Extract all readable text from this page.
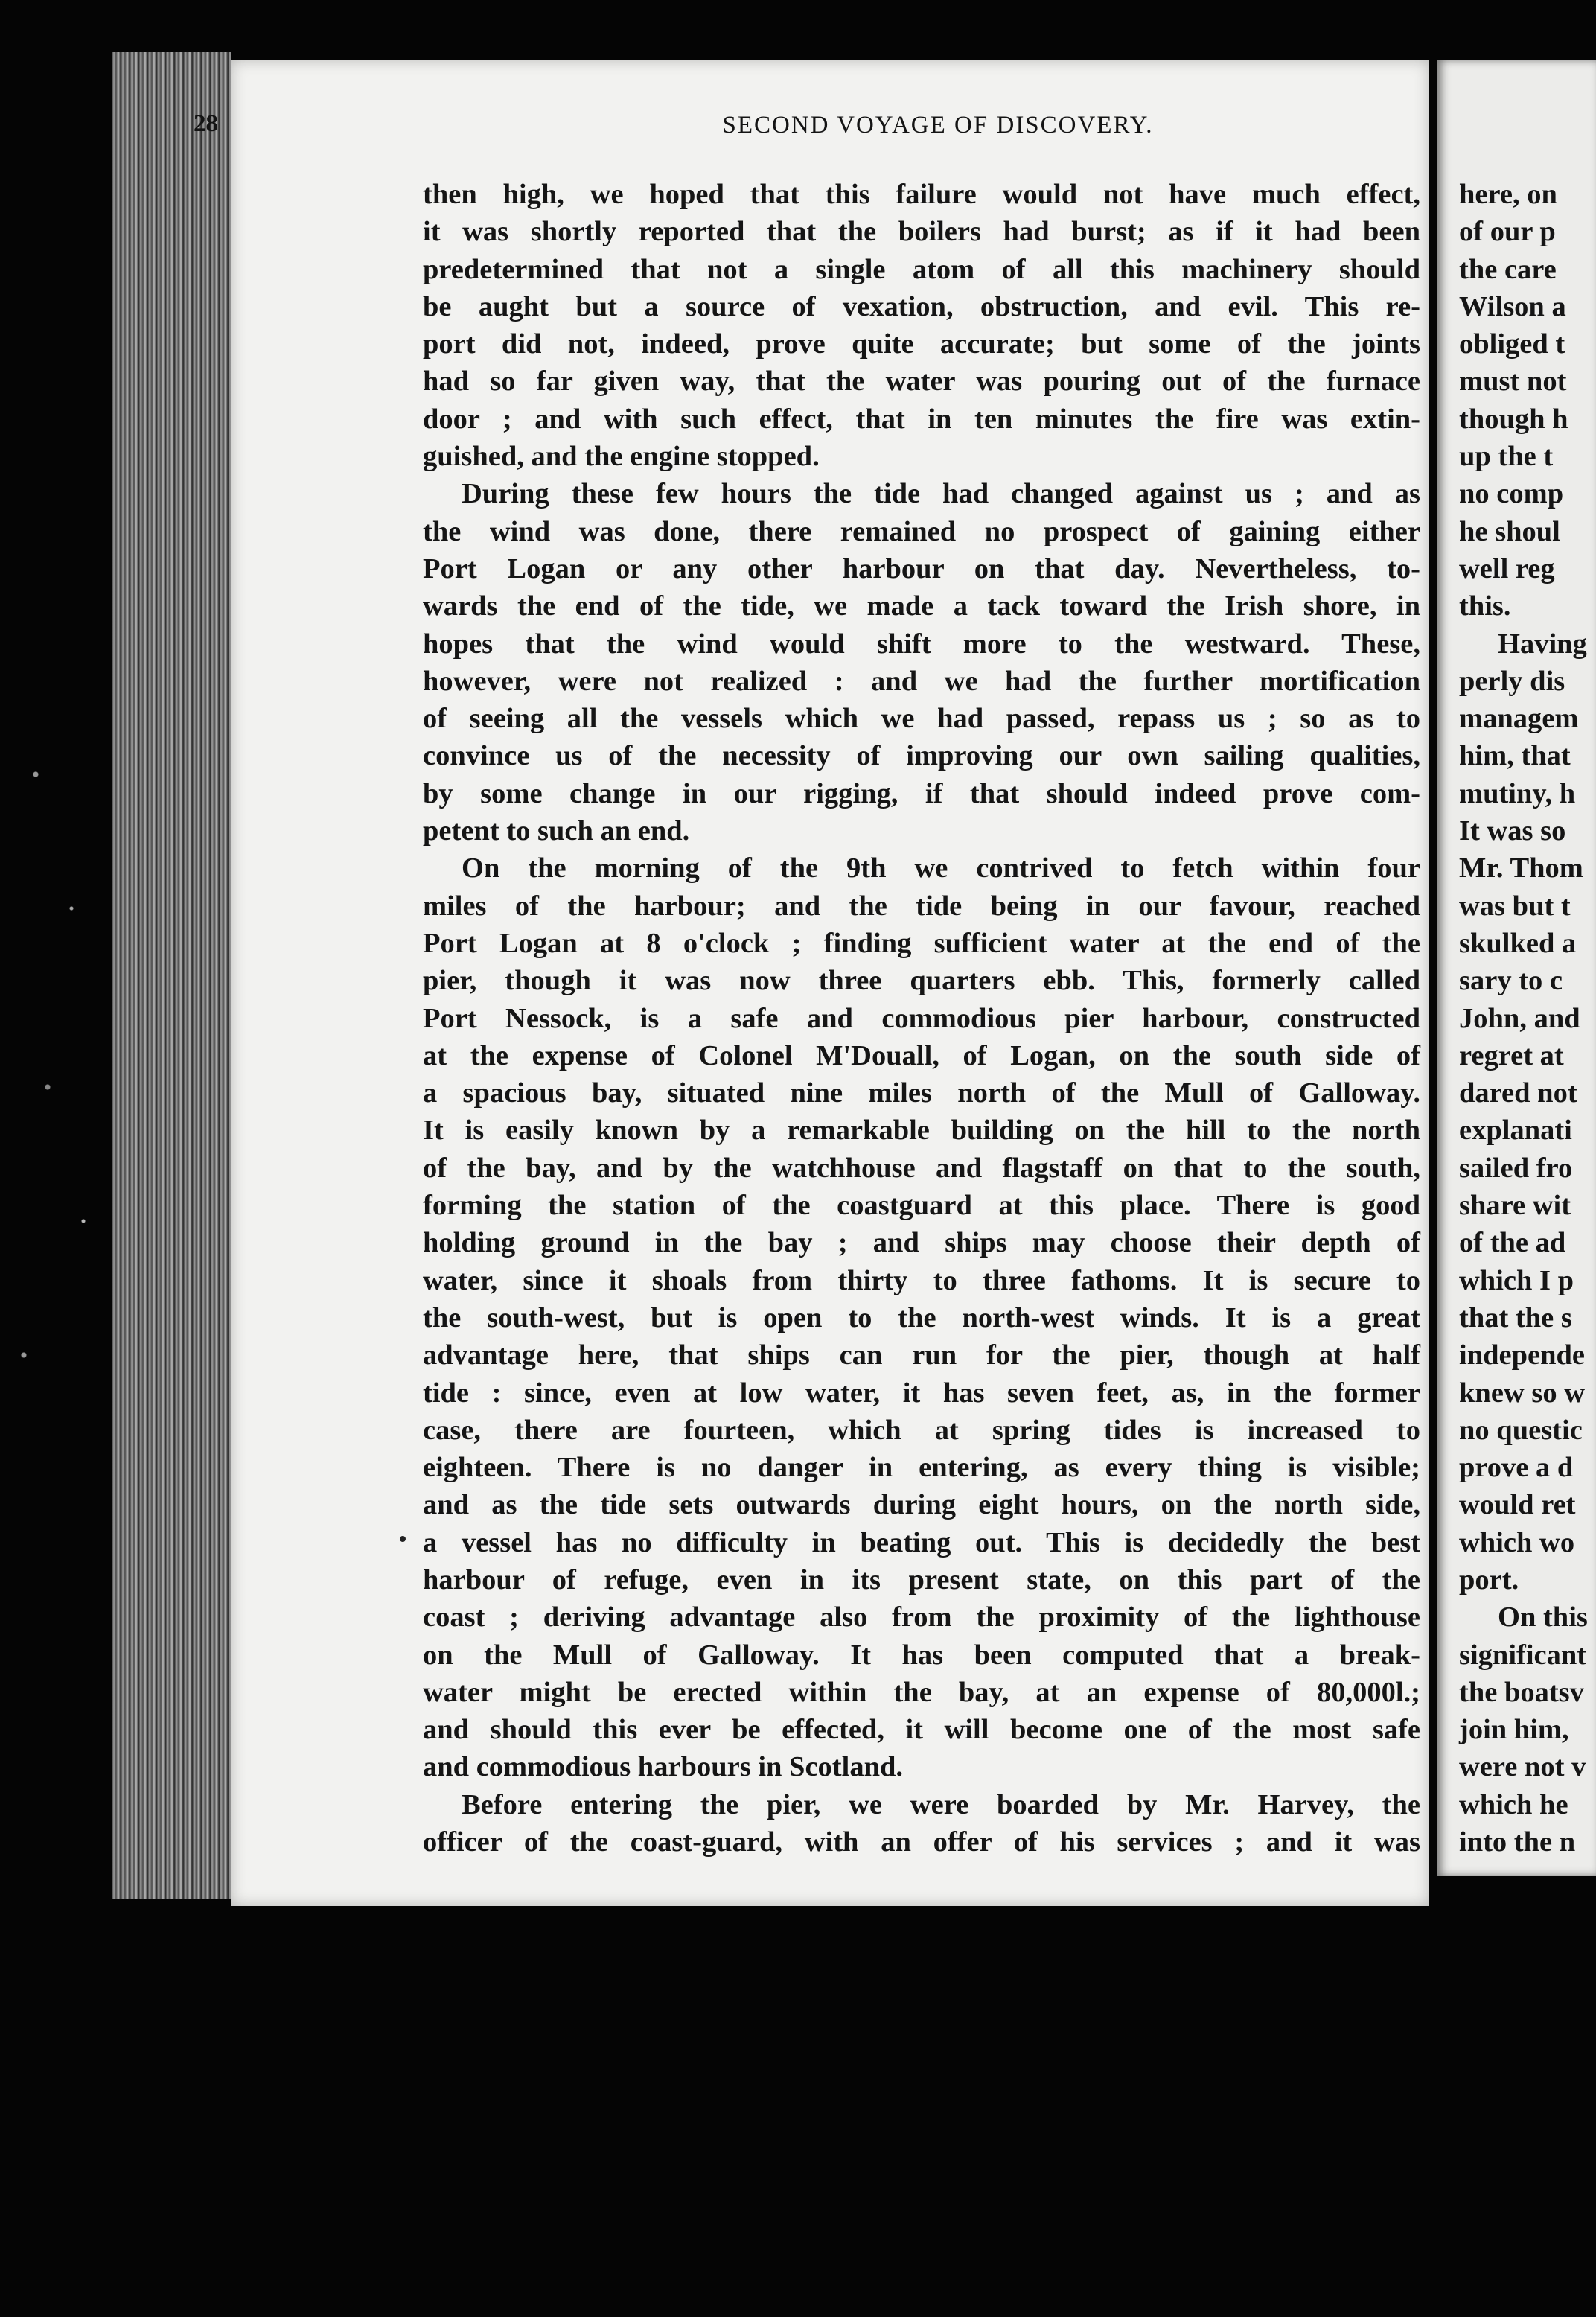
28	SECOND VOYAGE OF DISCOVERY.
then high, we hoped that this failure would not have much effect,
it was shortly reported that the boilers had burst; as if it had been
predetermined that not a single atom of all this machinery should
be aught but a source of vexation, obstruction, and evil. This re-
port did not, indeed, prove quite accurate; but some of the joints
had so far given way, that the water was pouring out of the furnace
door ; and with such effect, that in ten minutes the fire was extin-
guished, and the engine stopped.
During these few hours the tide had changed against us ; and as
the wind was done, there remained no prospect of gaining either
Port Logan or any other harbour on that day. Nevertheless, to-
wards the end of the tide, we made a tack toward the Irish shore, in
hopes that the wind would shift more to the westward. These,
however, were not realized : and we had the further mortification
of seeing all the vessels which we had passed, repass us ; so as to
convince us of the necessity of improving our own sailing qualities,
by some change in our rigging, if that should indeed prove com-
petent to such an end.
On the morning of the 9th we contrived to fetch within four
miles of the harbour; and the tide being in our favour, reached
Port Logan at 8 o'clock ; finding sufficient water at the end of the
pier, though it was now three quarters ebb. This, formerly called
Port Nessock, is a safe and commodious pier harbour, constructed
at the expense of Colonel M'Douall, of Logan, on the south side of
a spacious bay, situated nine miles north of the Mull of Galloway.
It is easily known by a remarkable building on the hill to the north
of the bay, and by the watchhouse and flagstaff on that to the south,
forming the station of the coastguard at this place. There is good
holding ground in the bay ; and ships may choose their depth of
water, since it shoals from thirty to three fathoms. It is secure to
the south-west, but is open to the north-west winds. It is a great
advantage here, that ships can run for the pier, though at half
tide : since, even at low water, it has seven feet, as, in the former
case, there are fourteen, which at spring tides is increased to
eighteen. There is no danger in entering, as every thing is visible;
and as the tide sets outwards during eight hours, on the north side,
a vessel has no difficulty in beating out. This is decidedly the best
harbour of refuge, even in its present state, on this part of the
coast ; deriving advantage also from the proximity of the lighthouse
on the Mull of Galloway. It has been computed that a break-
water might be erected within the bay, at an expense of 80,000l.;
and should this ever be effected, it will become one of the most safe
and commodious harbours in Scotland.
Before entering the pier, we were boarded by Mr. Harvey, the
officer of the coast-guard, with an offer of his services ; and it was
here, on
of our p
the care
Wilson a
obliged t
must not
though h
up the t
no comp
he shoul
well reg
this.
Having
perly dis
managem
him, that
mutiny, h
It was so
Mr. Thom
was but t
skulked a
sary to c
John, and
regret at
dared not
explanati
sailed fro
share wit
of the ad
which I p
that the s
independe
knew so w
no questic
prove a d
would ret
which wo
port.
On this
significant
the boatsv
join him,
were not v
which he
into the n
